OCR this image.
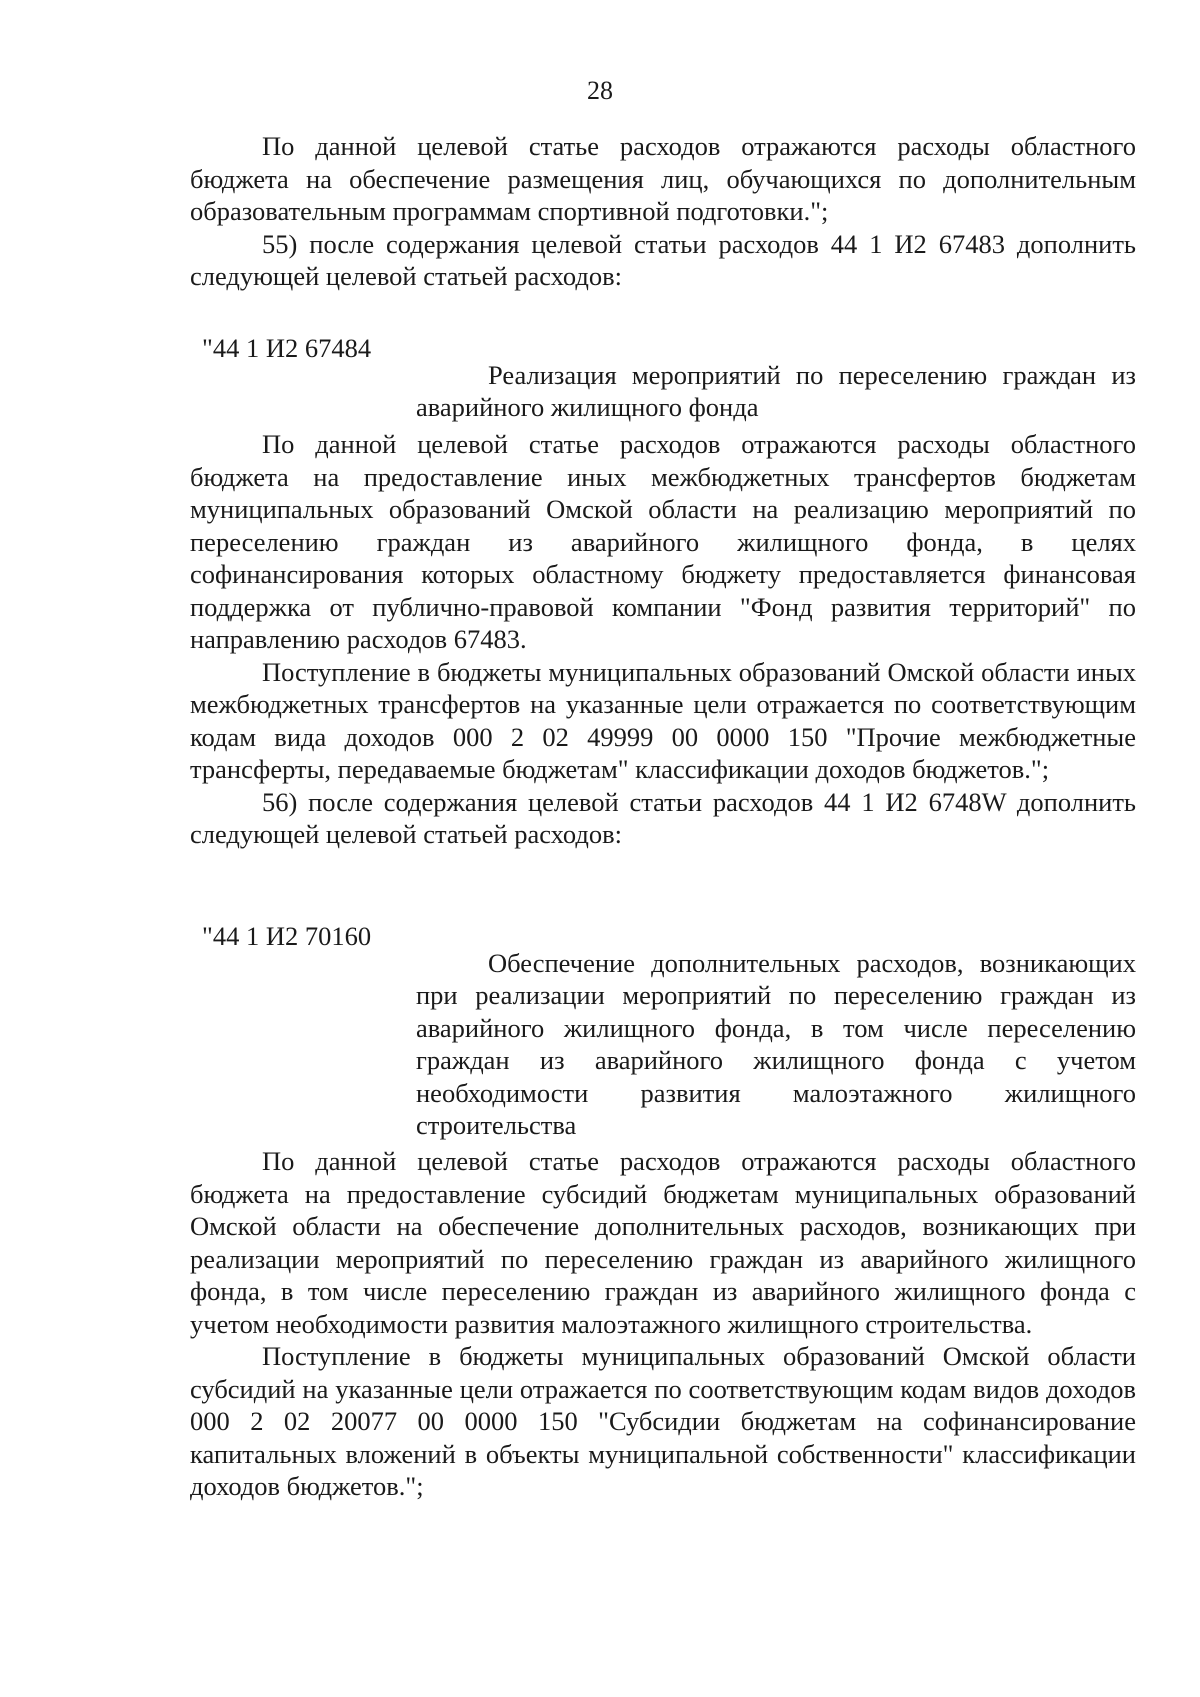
28

По данной целевой статье расходов отражаются расходы областного бюджета на обеспечение размещения лиц, обучающихся по дополнительным образовательным программам спортивной подготовки.";

55) после содержания целевой статьи расходов 44 1 И2 67483 дополнить следующей целевой статьей расходов:

"44 1 И2 67484

Реализация мероприятий по переселению граждан из аварийного жилищного фонда

По данной целевой статье расходов отражаются расходы областного бюджета на предоставление иных межбюджетных трансфертов бюджетам муниципальных образований Омской области на реализацию мероприятий по переселению граждан из аварийного жилищного фонда, в целях софинансирования которых областному бюджету предоставляется финансовая поддержка от публично-правовой компании "Фонд развития территорий" по направлению расходов 67483.

Поступление в бюджеты муниципальных образований Омской области иных межбюджетных трансфертов на указанные цели отражается по соответствующим кодам вида доходов 000 2 02 49999 00 0000 150 "Прочие межбюджетные трансферты, передаваемые бюджетам" классификации доходов бюджетов.";

56) после содержания целевой статьи расходов 44 1 И2 6748W дополнить следующей целевой статьей расходов:

"44 1 И2 70160

Обеспечение дополнительных расходов, возникающих при реализации мероприятий по переселению граждан из аварийного жилищного фонда, в том числе переселению граждан из аварийного жилищного фонда с учетом необходимости развития малоэтажного жилищного строительства

По данной целевой статье расходов отражаются расходы областного бюджета на предоставление субсидий бюджетам муниципальных образований Омской области на обеспечение дополнительных расходов, возникающих при реализации мероприятий по переселению граждан из аварийного жилищного фонда, в том числе переселению граждан из аварийного жилищного фонда с учетом необходимости развития малоэтажного жилищного строительства.

Поступление в бюджеты муниципальных образований Омской области субсидий на указанные цели отражается по соответствующим кодам видов доходов 000 2 02 20077 00 0000 150 "Субсидии бюджетам на софинансирование капитальных вложений в объекты муниципальной собственности" классификации доходов бюджетов.";
